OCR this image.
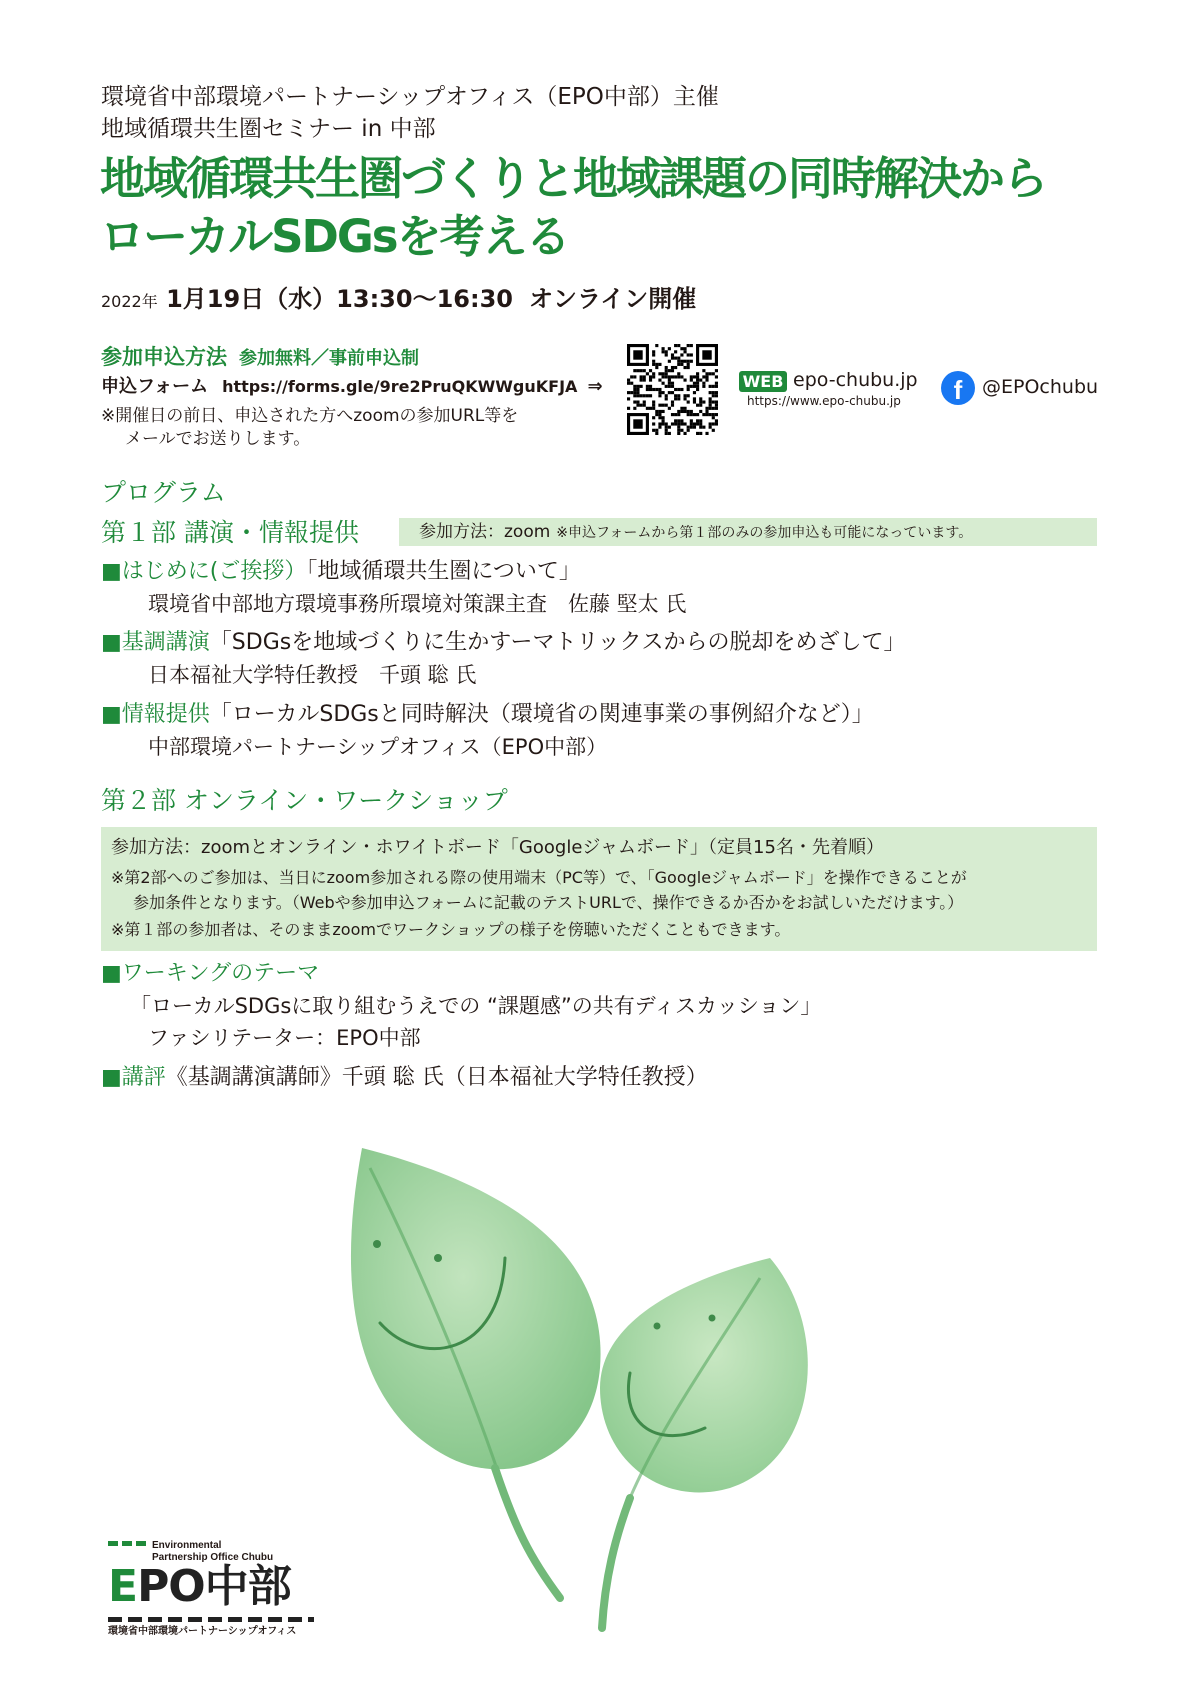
環境省中部環境パートナーシップオフィス（EPO中部）主催
地域循環共生圏セミナー in 中部
地域循環共生圏づくりと地域課題の同時解決から
ローカルSDGsを考える
2022年 1月19日（水）13:30～16:30 オンライン開催
参加申込方法 参加無料／事前申込制
申込フォーム https://forms.gle/9re2PruQKWWguKFJA ⇒
※開催日の前日、申込された方へzoomの参加URL等を
メールでお送りします。
WEB epo-chubu.jp
https://www.epo-chubu.jp	f	@EPOchubu
プログラム
第１部 講演・情報提供	参加方法：zoom ※申込フォームから第１部のみの参加申込も可能になっています。
■はじめに(ご挨拶）「地域循環共生圏について」
環境省中部地方環境事務所環境対策課主査　佐藤 堅太 氏
■基調講演「SDGsを地域づくりに生かすーマトリックスからの脱却をめざして」
日本福祉大学特任教授　千頭 聡 氏
■情報提供「ローカルSDGsと同時解決（環境省の関連事業の事例紹介など）」
中部環境パートナーシップオフィス（EPO中部）
第２部 オンライン・ワークショップ
参加方法：zoomとオンライン・ホワイトボード「Googleジャムボード」（定員15名・先着順）
※第2部へのご参加は、当日にzoom参加される際の使用端末（PC等）で、「Googleジャムボード」を操作できることが
参加条件となります。（Webや参加申込フォームに記載のテストURLで、操作できるか否かをお試しいただけます。）
※第１部の参加者は、そのままzoomでワークショップの様子を傍聴いただくこともできます。
■ワーキングのテーマ
「ローカルSDGsに取り組むうえでの “課題感”の共有ディスカッション」
ファシリテーター：EPO中部
■講評《基調講演講師》千頭 聡 氏（日本福祉大学特任教授）
Environmental
Partnership Office Chubu
EPO中部
環境省中部環境パートナーシップオフィス
